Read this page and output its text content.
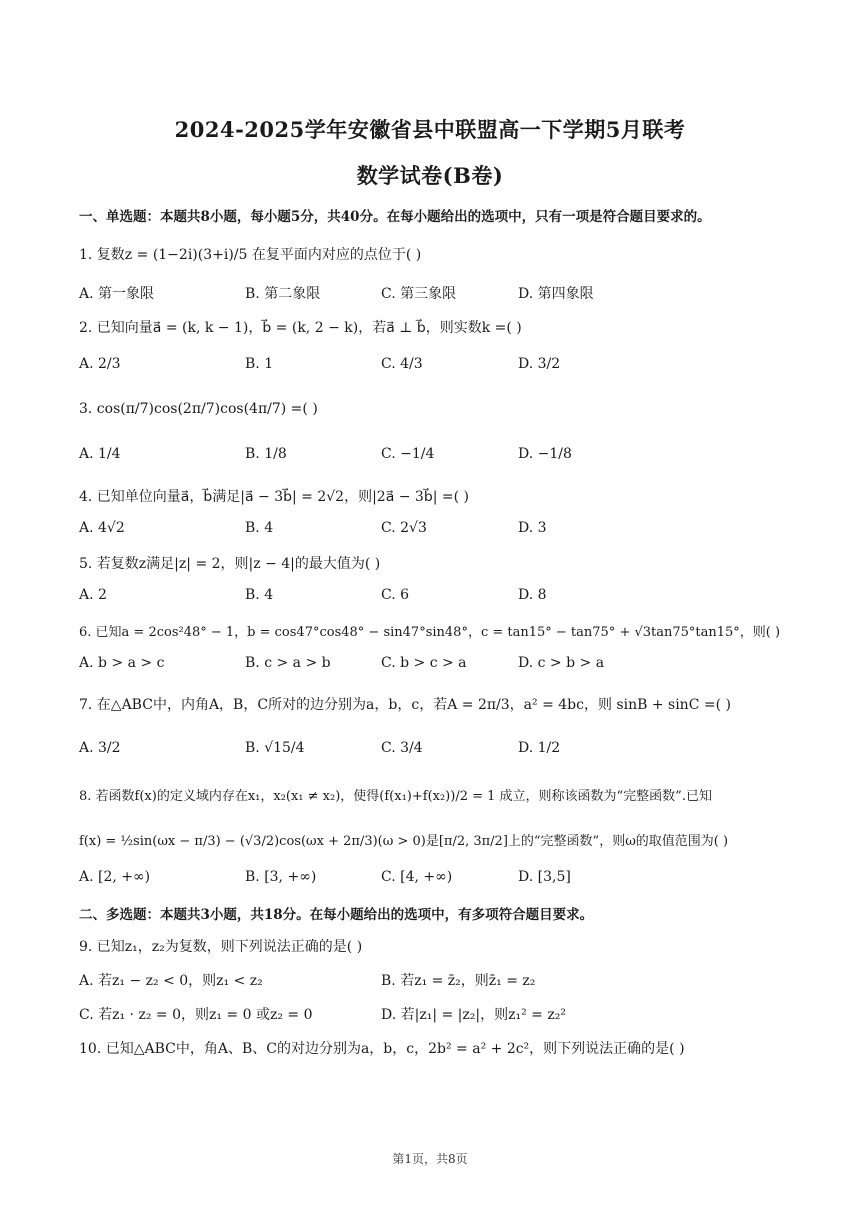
2024-2025学年安徽省县中联盟高一下学期5月联考
数学试卷(B卷)
一、单选题：本题共8小题，每小题5分，共40分。在每小题给出的选项中，只有一项是符合题目要求的。
1. 复数z = (1−2i)(3+i)/5 在复平面内对应的点位于( )
A. 第一象限	B. 第二象限	C. 第三象限	D. 第四象限
2. 已知向量a⃗ = (k, k − 1)，b⃗ = (k, 2 − k)，若a⃗ ⊥ b⃗，则实数k =( )
A. 2/3	B. 1	C. 4/3	D. 3/2
3. cos(π/7)cos(2π/7)cos(4π/7) =( )
A. 1/4	B. 1/8	C. −1/4	D. −1/8
4. 已知单位向量a⃗，b⃗满足|a⃗ − 3b⃗| = 2√2，则|2a⃗ − 3b⃗| =( )
A. 4√2	B. 4	C. 2√3	D. 3
5. 若复数z满足|z| = 2，则|z − 4|的最大值为( )
A. 2	B. 4	C. 6	D. 8
6. 已知a = 2cos²48° − 1，b = cos47°cos48° − sin47°sin48°，c = tan15° − tan75° + √3tan75°tan15°，则( )
A. b > a > c	B. c > a > b	C. b > c > a	D. c > b > a
7. 在△ABC中，内角A，B，C所对的边分别为a，b，c，若A = 2π/3，a² = 4bc，则 sinB + sinC =( )
A. 3/2	B. √15/4	C. 3/4	D. 1/2
8. 若函数f(x)的定义域内存在x₁，x₂(x₁ ≠ x₂)，使得(f(x₁)+f(x₂))/2 = 1 成立，则称该函数为“完整函数”.已知
f(x) = ½sin(ωx − π/3) − (√3/2)cos(ωx + 2π/3)(ω > 0)是[π/2, 3π/2]上的“完整函数”，则ω的取值范围为( )
A. [2, +∞)	B. [3, +∞)	C. [4, +∞)	D. [3,5]
二、多选题：本题共3小题，共18分。在每小题给出的选项中，有多项符合题目要求。
9. 已知z₁，z₂为复数，则下列说法正确的是( )
A. 若z₁ − z₂ < 0，则z₁ < z₂	B. 若z₁ = z̄₂，则z̄₁ = z₂
C. 若z₁ · z₂ = 0，则z₁ = 0 或z₂ = 0	D. 若|z₁| = |z₂|，则z₁² = z₂²
10. 已知△ABC中，角A、B、C的对边分别为a，b，c，2b² = a² + 2c²，则下列说法正确的是( )
第1页，共8页
